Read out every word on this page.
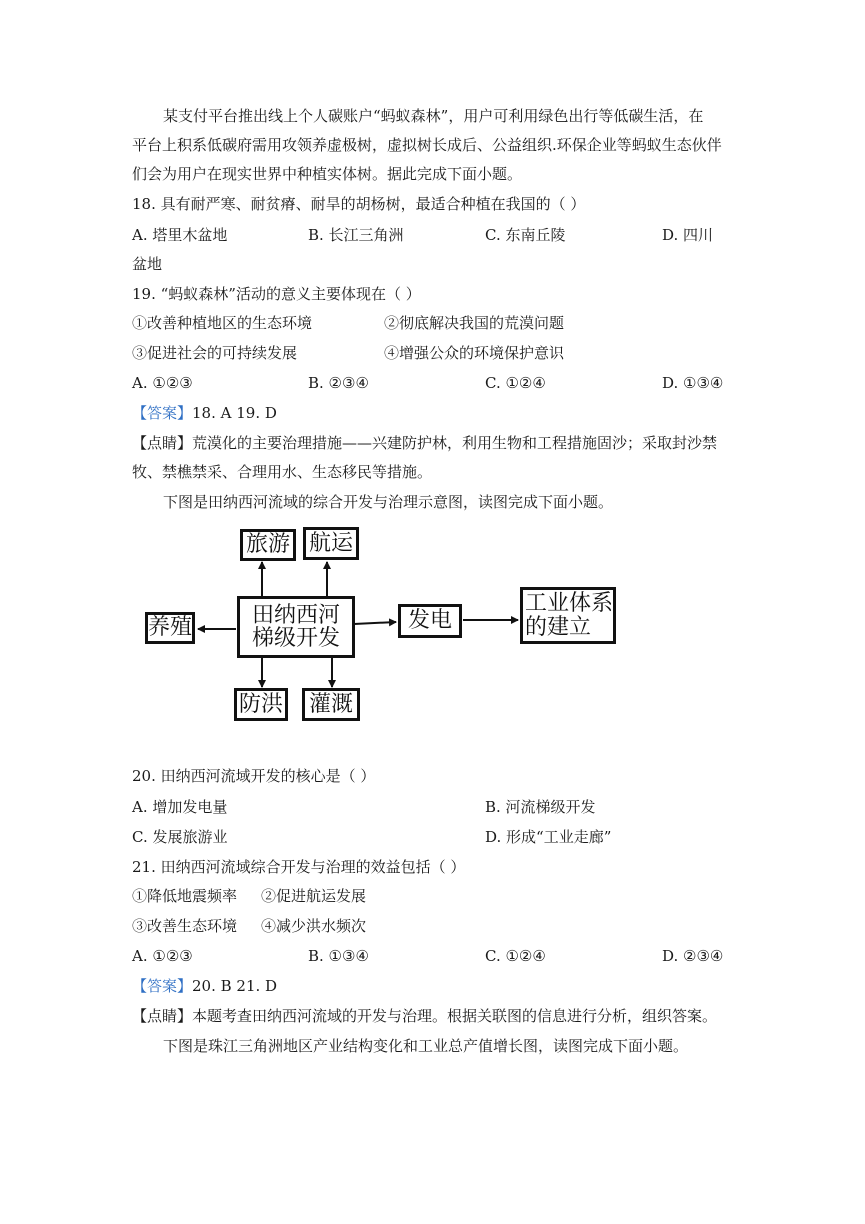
某支付平台推出线上个人碳账户“蚂蚁森林”，用户可利用绿色出行等低碳生活，在
平台上积系低碳府需用攻领养虚极树，虚拟树长成后、公益组织.环保企业等蚂蚁生态伙伴
们会为用户在现实世界中种植实体树。据此完成下面小题。
18. 具有耐严寒、耐贫瘠、耐旱的胡杨树，最适合种植在我国的（ ）
A. 塔里木盆地	B. 长江三角洲	C. 东南丘陵	D. 四川
盆地
19. “蚂蚁森林”活动的意义主要体现在（ ）
①改善种植地区的生态环境	②彻底解决我国的荒漠问题
③促进社会的可持续发展	④增强公众的环境保护意识
A. ①②③	B. ②③④	C. ①②④	D. ①③④
【答案】18. A 19. D
【点睛】荒漠化的主要治理措施——兴建防护林，利用生物和工程措施固沙；采取封沙禁
牧、禁樵禁采、合理用水、生态移民等措施。
下图是田纳西河流域的综合开发与治理示意图，读图完成下面小题。
田纳西河
梯级开发
旅游 航运
养殖	发电
工业体系
的建立
防洪	灌溉
20. 田纳西河流域开发的核心是（ ）
A. 增加发电量	B. 河流梯级开发
C. 发展旅游业	D. 形成“工业走廊”
21. 田纳西河流域综合开发与治理的效益包括（ ）
①降低地震频率 ②促进航运发展
③改善生态环境 ④减少洪水频次
A. ①②③	B. ①③④	C. ①②④	D. ②③④
【答案】20. B 21. D
【点睛】本题考查田纳西河流域的开发与治理。根据关联图的信息进行分析，组织答案。
下图是珠江三角洲地区产业结构变化和工业总产值增长图，读图完成下面小题。
